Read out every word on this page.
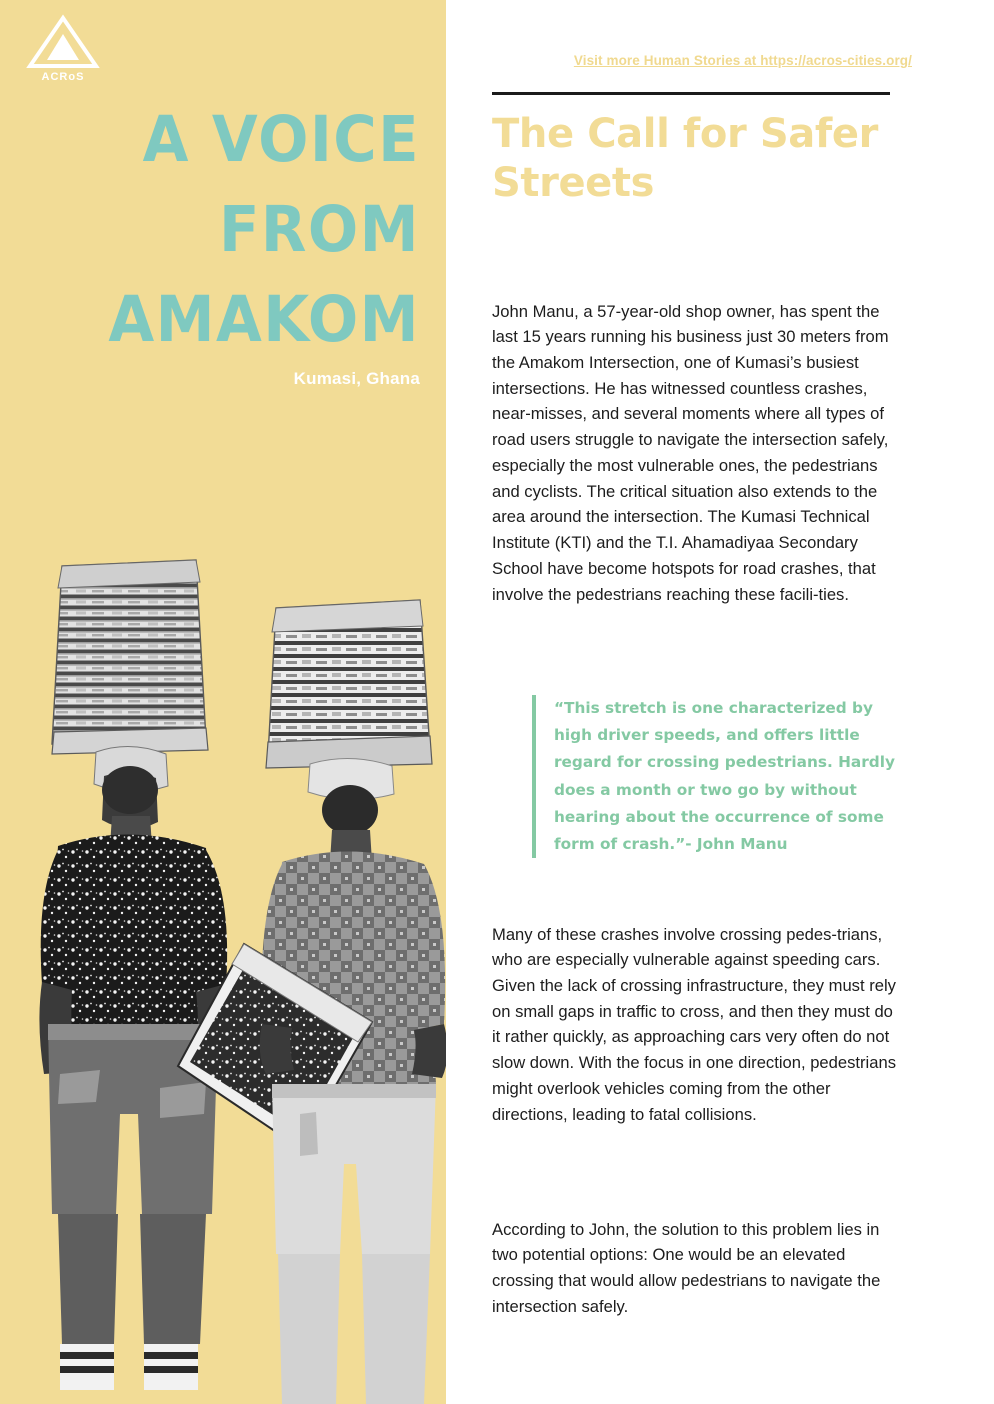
ACRoS
A VOICE
FROM
AMAKOM
Kumasi, Ghana
Visit more Human Stories at https://acros-cities.org/
The Call for Safer Streets

John Manu, a 57-year-old shop owner, has spent the last 15 years running his business just 30 meters from the Amakom Intersection, one of Kumasi’s busiest intersections. He has witnessed countless crashes, near-misses, and several moments where all types of road users struggle to navigate the intersection safely, especially the most vulnerable ones, the pedestrians and cyclists. The critical situation also extends to the area around the intersection. The Kumasi Technical Institute (KTI) and the T.I. Ahamadiyaa Secondary School have become hotspots for road crashes, that involve the pedestrians reaching these facili-ties.

“This stretch is one characterized by high driver speeds, and offers little regard for crossing pedestrians. Hardly does a month or two go by without hearing about the occurrence of some form of crash.”- John Manu

Many of these crashes involve crossing pedes-trians, who are especially vulnerable against speeding cars. Given the lack of crossing infrastructure, they must rely on small gaps in traffic to cross, and then they must do it rather quickly, as approaching cars very often do not slow down. With the focus in one direction, pedestrians might overlook vehicles coming from the other directions, leading to fatal collisions.

According to John, the solution to this problem lies in two potential options: One would be an elevated crossing that would allow pedestrians to navigate the intersection safely.
